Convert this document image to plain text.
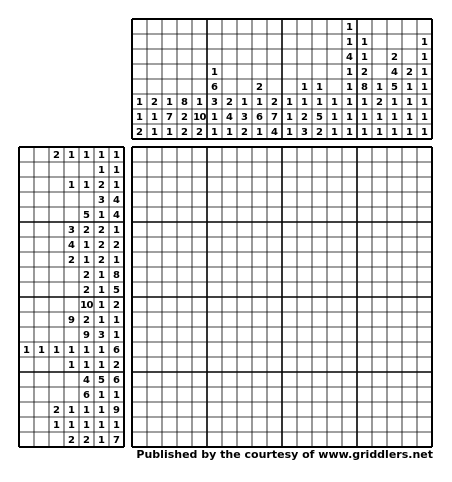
1
1
2
2
1
1
1
7
1
8
2
2
1
10
2
1
6
3
1
1
2
4
1
1
3
2
2
1
6
1
2
7
4
1
1
1
1
1
2
3
1
1
5
2
1
1
1
1
1
4
1
1
1
1
1
1
1
2
8
1
1
1
1
2
1
1
2
4
5
1
1
1
2
1
1
1
1
1
1
1
1
1
1
1
2 1 1 1 1
1 1
1 1 2 1
3 4
5 1 4
3 2 2 1
4 1 2 2
2 1 2 1
2 1 8
2 1 5
10 1 2
9 2 1 1
9 3 1
1 1 1 1 1 1 6
1 1 1 2
4 5 6
6 1 1
2 1 1 1 9
1 1 1 1 1
2 2 1 7
Published by the courtesy of www.griddlers.net
